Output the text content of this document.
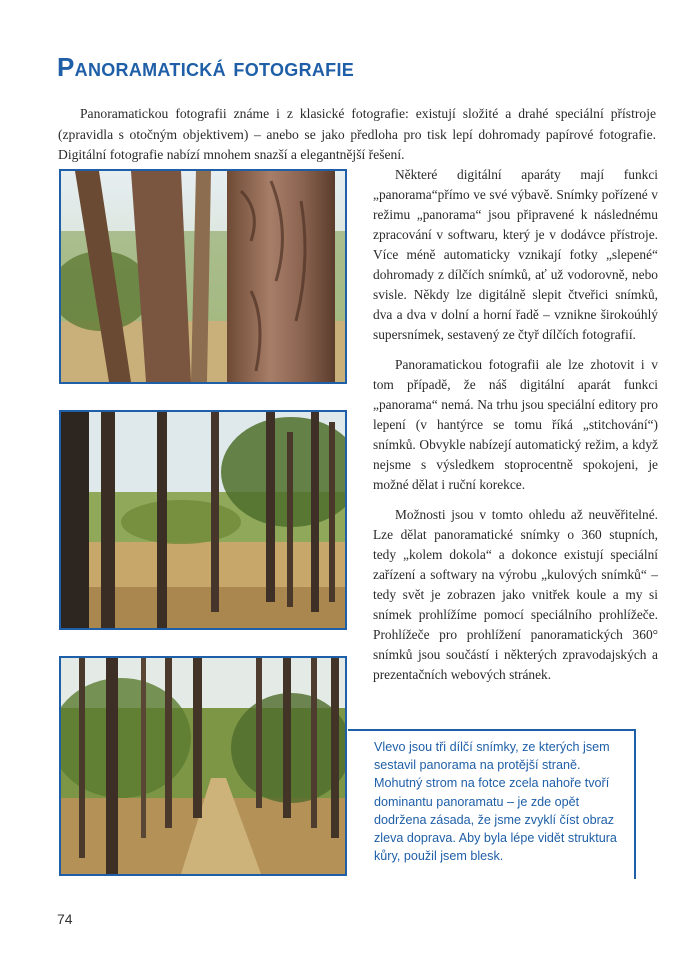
Panoramatická fotografie

Panoramatickou fotografii známe i z klasické fotografie: existují složité a drahé speciální přístroje (zpravidla s otočným objektivem) – anebo se jako předloha pro tisk lepí dohromady papírové fotografie. Digitální fotografie nabízí mnohem snazší a elegantnější řešení.

Některé digitální aparáty mají funkci „panorama“přímo ve své výbavě. Snímky pořízené v režimu „panorama“ jsou připravené k následnému zpracování v softwaru, který je v dodávce přístroje. Více méně automaticky vznikají fotky „slepené“ dohromady z dílčích snímků, ať už vodorovně, nebo svisle. Někdy lze digitálně slepit čtveřici snímků, dva a dva v dolní a horní řadě – vznikne širokoúhlý supersnímek, sestavený ze čtyř dílčích fotografií.

Panoramatickou fotografii ale lze zhotovit i v tom případě, že náš digitální aparát funkci „panorama“ nemá. Na trhu jsou speciální editory pro lepení (v hantýrce se tomu říká „stitchování“) snímků. Obvykle nabízejí automatický režim, a když nejsme s výsledkem stoprocentně spokojeni, je možné dělat i ruční korekce.

Možnosti jsou v tomto ohledu až neuvěřitelné. Lze dělat panoramatické snímky o 360 stupních, tedy „kolem dokola“ a dokonce existují speciální zařízení a softwary na výrobu „kulových snímků“ – tedy svět je zobrazen jako vnitřek koule a my si snímek prohlížíme pomocí speciálního prohlížeče. Prohlížeče pro prohlížení panoramatických 360° snímků jsou součástí i některých zpravodajských a prezentačních webových stránek.

Vlevo jsou tři dílčí snímky, ze kterých jsem sestavil panorama na protější straně. Mohutný strom na fotce zcela nahoře tvoří dominantu panoramatu – je zde opět dodržena zásada, že jsme zvyklí číst obraz zleva doprava. Aby byla lépe vidět struktura kůry, použil jsem blesk.

74
